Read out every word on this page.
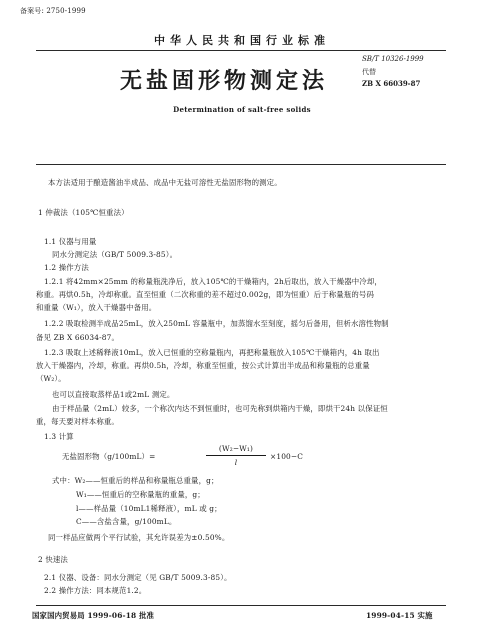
备案号: 2750-1999
中华人民共和国行业标准
SB/T 10326-1999
代替
ZB X 66039-87
无盐固形物测定法
Determination of salt-free solids
本方法适用于酿造酱油半成品、成品中无盐可溶性无盐固形物的测定。
1 仲裁法（105℃恒重法）
1.1 仪器与用量
同水分测定法（GB/T 5009.3-85）。
1.2 操作方法
1.2.1 将42mm×25mm 的称量瓶洗净后，放入105℃的干燥箱内，2h后取出，放入干燥器中冷却，
称重。再烘0.5h，冷却称重。直至恒重（二次称重的差不超过0.002g，即为恒重）后于称量瓶的号码
和重量（W₁），放入干燥器中备用。
1.2.2 吸取检测半成品25mL，放入250mL 容量瓶中，加蒸馏水至刻度，摇匀后备用，但析水溶性物制
备见 ZB X 66034-87。
1.2.3 吸取上述稀释液10mL，放入已恒重的空称量瓶内，再把称量瓶放入105℃干燥箱内，4h 取出
放入干燥器内，冷却，称重。再烘0.5h，冷却，称重至恒重，按公式计算出半成品和称量瓶的总重量
（W₂）。
也可以直接取蒸样品1或2mL 测定。
由于样品量（2mL）较多，一个称次内达不到恒重时，也可先称到烘箱内干燥，即烘干24h 以保证恒
重，每天要对样本称重。
1.3 计算
无盐固形物（g/100mL）=
(W₂−W₁)
l
×100−C
式中：W₂——恒重后的样品和称量瓶总重量，g；
W₁——恒重后的空称量瓶的重量，g；
l——样品量（10mL1稀释液），mL 或 g；
C——含盐含量，g/100mL。
同一样品应做两个平行试验，其允许误差为±0.50%。
2 快速法
2.1 仪器、设备：同水分测定（见 GB/T 5009.3-85）。
2.2 操作方法：同本规范1.2。
国家国内贸易局 1999-06-18 批准	1999-04-15 实施
